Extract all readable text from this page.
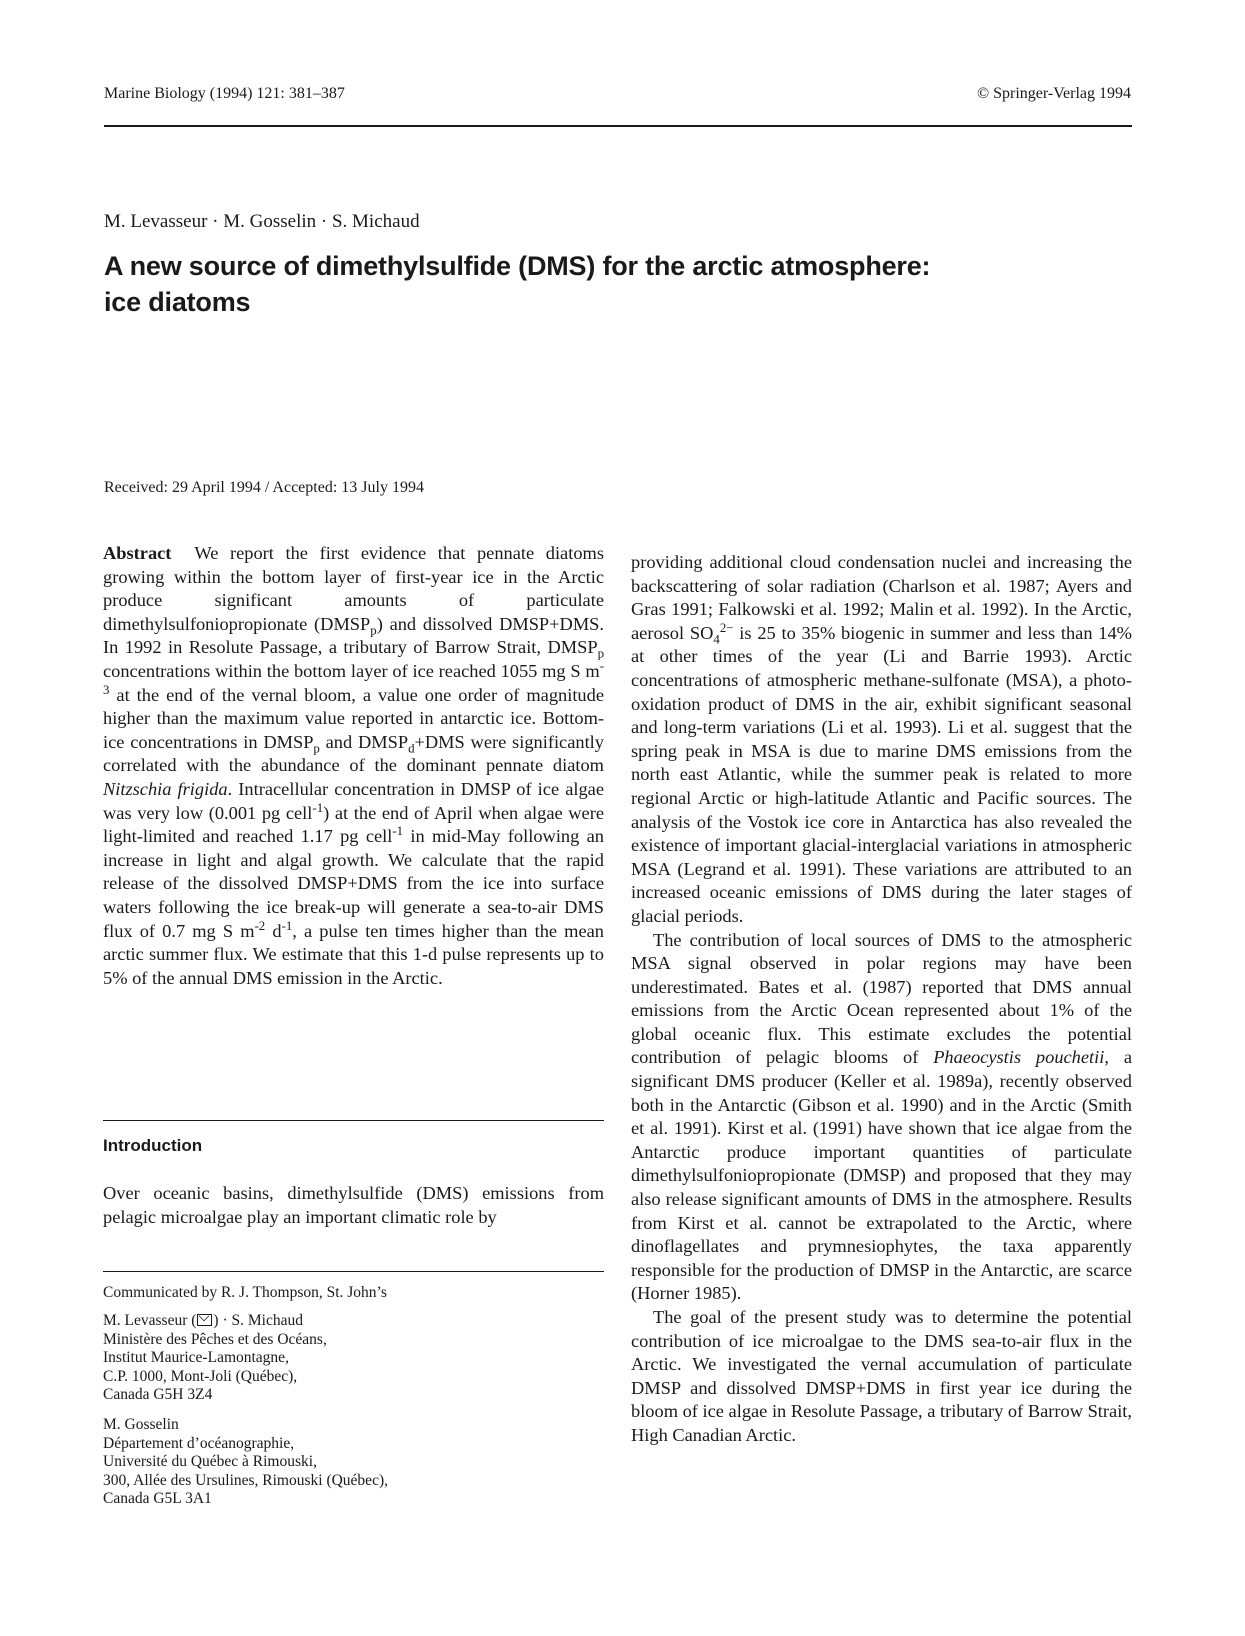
Marine Biology (1994) 121: 381–387	© Springer-Verlag 1994
M. Levasseur · M. Gosselin · S. Michaud
A new source of dimethylsulfide (DMS) for the arctic atmosphere:
ice diatoms
Received: 29 April 1994 / Accepted: 13 July 1994

Abstract We report the first evidence that pennate diatoms growing within the bottom layer of first-year ice in the Arctic produce significant amounts of particulate dimethylsulfoniopropionate $(DMSP_p)$ and dissolved DMSP+DMS. In 1992 in Resolute Passage, a tributary of Barrow Strait, $DMSP_p$ concentrations within the bottom layer of ice reached 1055 mg S $m^{-3}$ at the end of the vernal bloom, a value one order of magnitude higher than the maximum value reported in antarctic ice. Bottom-ice concentrations in $DMSP_p$ and $DMSP_d+DMS$ were significantly correlated with the abundance of the dominant pennate diatom Nitzschia frigida. Intracellular concentration in DMSP of ice algae was very low (0.001 pg cell$^{-1}$) at the end of April when algae were light-limited and reached 1.17 pg cell$^{-1}$ in mid-May following an increase in light and algal growth. We calculate that the rapid release of the dissolved DMSP+DMS from the ice into surface waters following the ice break-up will generate a sea-to-air DMS flux of 0.7 mg S $m^{-2}$ $d^{-1}$, a pulse ten times higher than the mean arctic summer flux. We estimate that this 1-d pulse represents up to 5% of the annual DMS emission in the Arctic.

Introduction
Over oceanic basins, dimethylsulfide (DMS) emissions from pelagic microalgae play an important climatic role by
Communicated by R. J. Thompson, St. John’s
M. Levasseur ( ) · S. Michaud
Ministère des Pêches et des Océans,
Institut Maurice-Lamontagne,
C.P. 1000, Mont-Joli (Québec),
Canada G5H 3Z4
M. Gosselin
Département d’océanographie,
Université du Québec à Rimouski,
300, Allée des Ursulines, Rimouski (Québec),
Canada G5L 3A1

providing additional cloud condensation nuclei and increasing the backscattering of solar radiation (Charlson et al. 1987; Ayers and Gras 1991; Falkowski et al. 1992; Malin et al. 1992). In the Arctic, aerosol $SO_4^{2-}$ is 25 to 35% biogenic in summer and less than 14% at other times of the year (Li and Barrie 1993). Arctic concentrations of atmospheric methane-sulfonate (MSA), a photo-oxidation product of DMS in the air, exhibit significant seasonal and long-term variations (Li et al. 1993). Li et al. suggest that the spring peak in MSA is due to marine DMS emissions from the north east Atlantic, while the summer peak is related to more regional Arctic or high-latitude Atlantic and Pacific sources. The analysis of the Vostok ice core in Antarctica has also revealed the existence of important glacial-interglacial variations in atmospheric MSA (Legrand et al. 1991). These variations are attributed to an increased oceanic emissions of DMS during the later stages of glacial periods.

The contribution of local sources of DMS to the atmospheric MSA signal observed in polar regions may have been underestimated. Bates et al. (1987) reported that DMS annual emissions from the Arctic Ocean represented about 1% of the global oceanic flux. This estimate excludes the potential contribution of pelagic blooms of Phaeocystis pouchetii, a significant DMS producer (Keller et al. 1989a), recently observed both in the Antarctic (Gibson et al. 1990) and in the Arctic (Smith et al. 1991). Kirst et al. (1991) have shown that ice algae from the Antarctic produce important quantities of particulate dimethylsulfoniopropionate (DMSP) and proposed that they may also release significant amounts of DMS in the atmosphere. Results from Kirst et al. cannot be extrapolated to the Arctic, where dinoflagellates and prymnesiophytes, the taxa apparently responsible for the production of DMSP in the Antarctic, are scarce (Horner 1985).

The goal of the present study was to determine the potential contribution of ice microalgae to the DMS sea-to-air flux in the Arctic. We investigated the vernal accumulation of particulate DMSP and dissolved DMSP+DMS in first year ice during the bloom of ice algae in Resolute Passage, a tributary of Barrow Strait, High Canadian Arctic.
